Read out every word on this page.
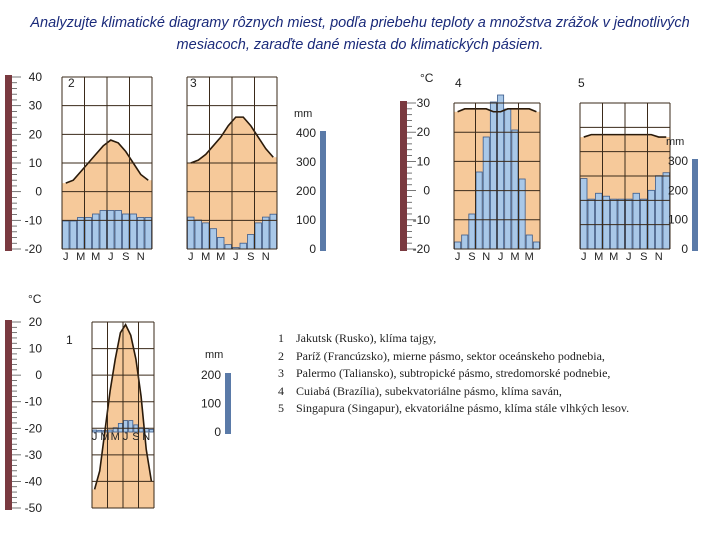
Analyzujte klimatické diagramy rôznych miest, podľa priebehu teploty a množstva zrážok v jednotlivých mesiacoch, zaraďte dané miesta do klimatických pásiem.
2
J M M J S N
40
30
20
10
0
-10
-20
3
J M M J S N
400
300
200
100
0
mm
4
J S N J M M
30
20
10
0
-10
-20
°C	5
J M M J S N
300
200
100
0
mm
1
J M M J S N
20
10
0
-10
-20
-30
-40
-50
°C
200
100
0
mm
1 Jakutsk (Rusko), klíma tajgy,
2 Paríž (Francúzsko), mierne pásmo, sektor oceánskeho podnebia,
3 Palermo (Taliansko), subtropické pásmo, stredomorské podnebie,
4 Cuiabá (Brazília), subekvatoriálne pásmo, klíma saván,
5 Singapura (Singapur), ekvatoriálne pásmo, klíma stále vlhkých lesov.
